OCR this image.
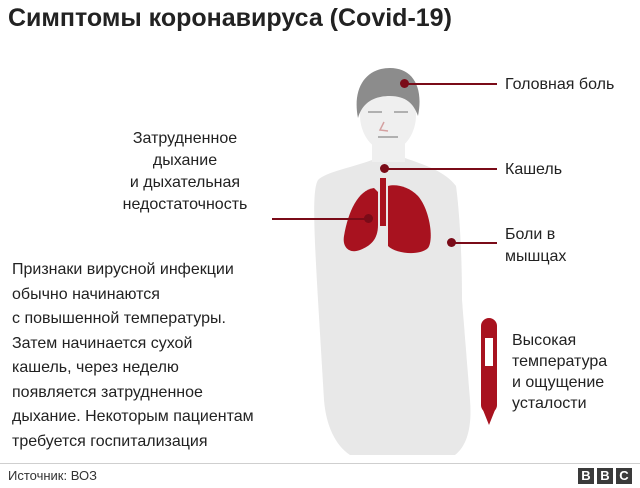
Симптомы коронавируса (Covid-19)
Головная боль
Кашель
Боли в
мышцах
Затрудненное
дыхание
и дыхательная
недостаточность
Высокая
температура
и ощущение
усталости
Признаки вирусной инфекции
обычно начинаются
с повышенной температуры.
Затем начинается сухой
кашель, через неделю
появляется затрудненное
дыхание. Некоторым пациентам
требуется госпитализация
Источник: ВОЗ	B B C
